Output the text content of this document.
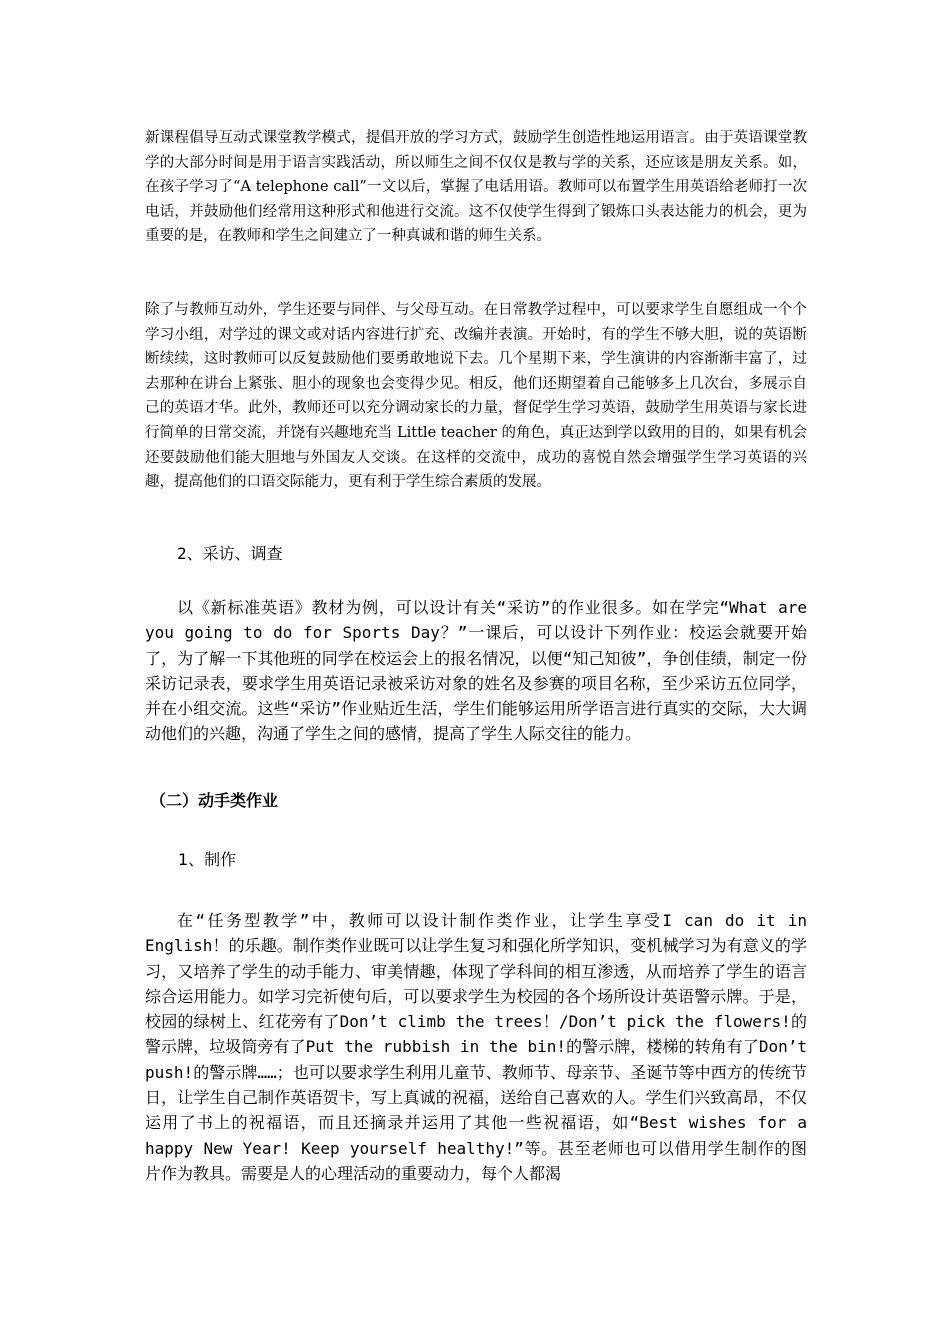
新课程倡导互动式课堂教学模式，提倡开放的学习方式，鼓励学生创造性地运用语言。由于英语课堂教学的大部分时间是用于语言实践活动，所以师生之间不仅仅是教与学的关系，还应该是朋友关系。如，在孩子学习了“A telephone call”一文以后，掌握了电话用语。教师可以布置学生用英语给老师打一次电话，并鼓励他们经常用这种形式和他进行交流。这不仅使学生得到了锻炼口头表达能力的机会，更为重要的是，在教师和学生之间建立了一种真诚和谐的师生关系。

除了与教师互动外，学生还要与同伴、与父母互动。在日常教学过程中，可以要求学生自愿组成一个个学习小组，对学过的课文或对话内容进行扩充、改编并表演。开始时，有的学生不够大胆，说的英语断断续续，这时教师可以反复鼓励他们要勇敢地说下去。几个星期下来，学生演讲的内容渐渐丰富了，过去那种在讲台上紧张、胆小的现象也会变得少见。相反，他们还期望着自己能够多上几次台，多展示自己的英语才华。此外，教师还可以充分调动家长的力量，督促学生学习英语，鼓励学生用英语与家长进行简单的日常交流，并饶有兴趣地充当 Little teacher 的角色，真正达到学以致用的目的，如果有机会还要鼓励他们能大胆地与外国友人交谈。在这样的交流中，成功的喜悦自然会增强学生学习英语的兴趣，提高他们的口语交际能力，更有利于学生综合素质的发展。

2、采访、调查

以《新标准英语》教材为例，可以设计有关“采访”的作业很多。如在学完“What are you going to do for Sports Day？”一课后，可以设计下列作业：校运会就要开始了，为了解一下其他班的同学在校运会上的报名情况，以便“知己知彼”，争创佳绩，制定一份采访记录表，要求学生用英语记录被采访对象的姓名及参赛的项目名称，至少采访五位同学，并在小组交流。这些“采访”作业贴近生活，学生们能够运用所学语言进行真实的交际，大大调动他们的兴趣，沟通了学生之间的感情，提高了学生人际交往的能力。

（二）动手类作业

1、制作

在“任务型教学”中，教师可以设计制作类作业，让学生享受I can do it in English！的乐趣。制作类作业既可以让学生复习和强化所学知识，变机械学习为有意义的学习，又培养了学生的动手能力、审美情趣，体现了学科间的相互渗透，从而培养了学生的语言综合运用能力。如学习完祈使句后，可以要求学生为校园的各个场所设计英语警示牌。于是，校园的绿树上、红花旁有了Don’t climb the trees！/Don’t pick the flowers!的警示牌，垃圾筒旁有了Put the rubbish in the bin!的警示牌，楼梯的转角有了Don’t push!的警示牌……；也可以要求学生利用儿童节、教师节、母亲节、圣诞节等中西方的传统节日，让学生自己制作英语贺卡，写上真诚的祝福，送给自己喜欢的人。学生们兴致高昂，不仅运用了书上的祝福语，而且还摘录并运用了其他一些祝福语，如“Best wishes for a happy New Year! Keep yourself healthy!”等。甚至老师也可以借用学生制作的图片作为教具。需要是人的心理活动的重要动力，每个人都渴
